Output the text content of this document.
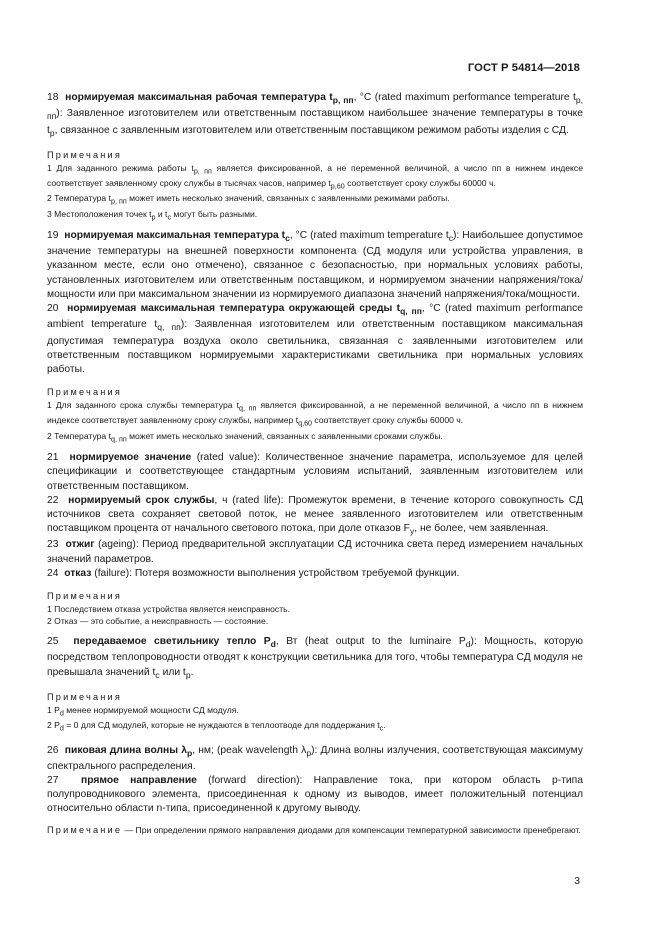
ГОСТ Р 54814—2018

18 нормируемая максимальная рабочая температура $t_{р, пп}$, °С (rated maximum performance temperature $t_{р, пп}$): Заявленное изготовителем или ответственным поставщиком наибольшее значение температуры в точке $t_р$, связанное с заявленным изготовителем или ответственным поставщиком режимом работы изделия с СД.

Примечания

1 Для заданного режима работы $t_{р, пп}$ является фиксированной, а не переменной величиной, а число пп в нижнем индексе соответствует заявленному сроку службы в тысячах часов, например $t_{р,60}$ соответствует сроку службы 60000 ч.

2 Температура $t_{р, пп}$ может иметь несколько значений, связанных с заявленными режимами работы.

3 Местоположения точек $t_р$ и $t_с$ могут быть разными.

19 нормируемая максимальная температура $t_с$, °С (rated maximum temperature $t_с$): Наибольшее допустимое значение температуры на внешней поверхности компонента (СД модуля или устройства управления, в указанном месте, если оно отмечено), связанное с безопасностью, при нормальных условиях работы, установленных изготовителем или ответственным поставщиком, и нормируемом значении напряжения/тока/мощности или при максимальном значении из нормируемого диапазона значений напряжения/тока/мощности.

20 нормируемая максимальная температура окружающей среды $t_{q, пп}$, °С (rated maximum performance ambient temperature $t_{q, пп}$): Заявленная изготовителем или ответственным поставщиком максимальная допустимая температура воздуха около светильника, связанная с заявленными изготовителем или ответственным поставщиком нормируемыми характеристиками светильника при нормальных условиях работы.

Примечания

1 Для заданного срока службы температура $t_{q, пп}$ является фиксированной, а не переменной величиной, а число пп в нижнем индексе соответствует заявленному сроку службы, например $t_{q,60}$ соответствует сроку службы 60000 ч.

2 Температура $t_{q, пп}$ может иметь несколько значений, связанных с заявленными сроками службы.

21 нормируемое значение (rated value): Количественное значение параметра, используемое для целей спецификации и соответствующее стандартным условиям испытаний, заявленным изготовителем или ответственным поставщиком.

22 нормируемый срок службы, ч (rated life): Промежуток времени, в течение которого совокупность СД источников света сохраняет световой поток, не менее заявленного изготовителем или ответственным поставщиком процента от начального светового потока, при доле отказов $F_y$, не более, чем заявленная.

23 отжиг (ageing): Период предварительной эксплуатации СД источника света перед измерением начальных значений параметров.

24 отказ (failure): Потеря возможности выполнения устройством требуемой функции.

Примечания

1 Последствием отказа устройства является неисправность.

2 Отказ — это событие, а неисправность — состояние.

25 передаваемое светильнику тепло $P_d$, Вт (heat output to the luminaire $P_d$): Мощность, которую посредством теплопроводности отводят к конструкции светильника для того, чтобы температура СД модуля не превышала значений $t_с$ или $t_р$.

Примечания

1 $P_d$ менее нормируемой мощности СД модуля.

2 $P_d = 0$ для СД модулей, которые не нуждаются в теплоотводе для поддержания $t_с$.

26 пиковая длина волны $\lambda_р$, нм; (peak wavelength $\lambda_р$): Длина волны излучения, соответствующая максимуму спектрального распределения.

27 прямое направление (forward direction): Направление тока, при котором область р-типа полупроводникового элемента, присоединенная к одному из выводов, имеет положительный потенциал относительно области n-типа, присоединенной к другому выводу.

Примечание — При определении прямого направления диодами для компенсации температурной зависимости пренебрегают.

3
